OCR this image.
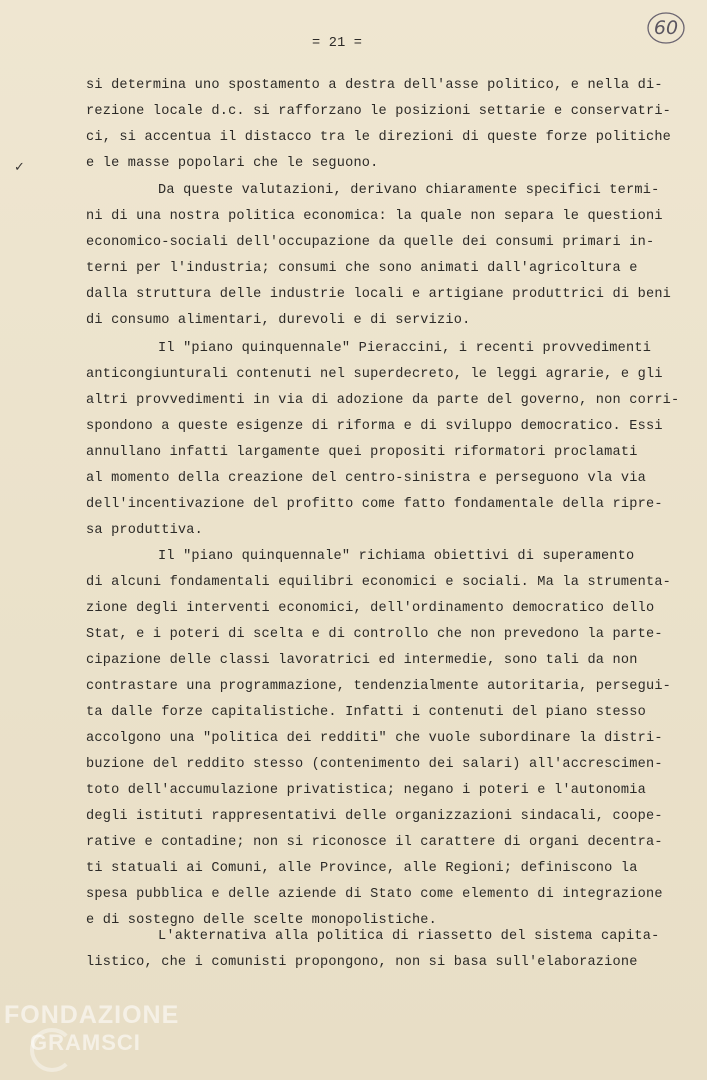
= 21 =
60
✓
si determina uno spostamento a destra dell'asse politico, e nella di-
rezione locale d.c. si rafforzano le posizioni settarie e conservatri-
ci, si accentua il distacco tra le direzioni di queste forze politiche
e le masse popolari che le seguono.
Da queste valutazioni, derivano chiaramente specifici termi-
ni di una nostra politica economica: la quale non separa le questioni
economico-sociali dell'occupazione da quelle dei consumi primari in-
terni per l'industria; consumi che sono animati dall'agricoltura e
dalla struttura delle industrie locali e artigiane produttrici di beni
di consumo alimentari, durevoli e di servizio.
Il "piano quinquennale" Pieraccini, i recenti provvedimenti
anticongiunturali contenuti nel superdecreto, le leggi agrarie, e gli
altri provvedimenti in via di adozione da parte del governo, non corri-
spondono a queste esigenze di riforma e di sviluppo democratico. Essi
annullano infatti largamente quei propositi riformatori proclamati
al momento della creazione del centro-sinistra e perseguono vla via
dell'incentivazione del profitto come fatto fondamentale della ripre-
sa produttiva.
Il "piano quinquennale" richiama obiettivi di superamento
di alcuni fondamentali equilibri economici e sociali. Ma la strumenta-
zione degli interventi economici, dell'ordinamento democratico dello
Stat, e i poteri di scelta e di controllo che non prevedono la parte-
cipazione delle classi lavoratrici ed intermedie, sono tali da non
contrastare una programmazione, tendenzialmente autoritaria, persegui-
ta dalle forze capitalistiche. Infatti i contenuti del piano stesso
accolgono una "politica dei redditi" che vuole subordinare la distri-
buzione del reddito stesso (contenimento dei salari) all'accrescimen-
toto dell'accumulazione privatistica; negano i poteri e l'autonomia
degli istituti rappresentativi delle organizzazioni sindacali, coope-
rative e contadine; non si riconosce il carattere di organi decentra-
ti statuali ai Comuni, alle Province, alle Regioni; definiscono la
spesa pubblica e delle aziende di Stato come elemento di integrazione
e di sostegno delle scelte monopolistiche.
L'akternativa alla politica di riassetto del sistema capita-
listico, che i comunisti propongono, non si basa sull'elaborazione
FONDAZIONE
GRAMSCI
